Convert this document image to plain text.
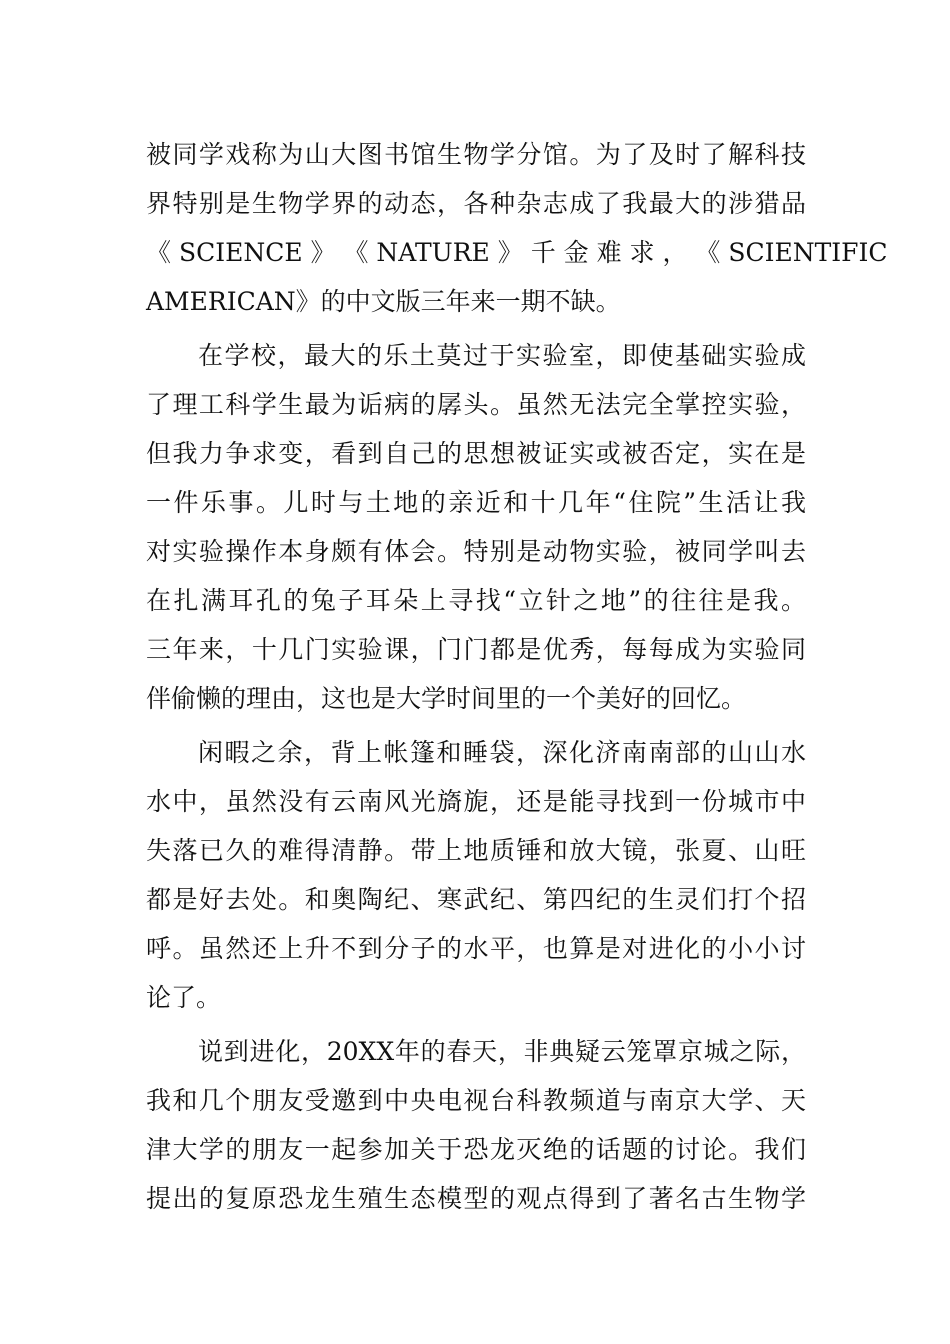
被同学戏称为山大图书馆生物学分馆。为了及时了解科技
界特别是生物学界的动态，各种杂志成了我最大的涉猎品
《 SCIENCE 》 《 NATURE 》 千 金 难 求 ， 《 SCIENTIFIC
AMERICAN》的中文版三年来一期不缺。
在学校，最大的乐土莫过于实验室，即使基础实验成
了理工科学生最为诟病的孱头。虽然无法完全掌控实验，
但我力争求变，看到自己的思想被证实或被否定，实在是
一件乐事。儿时与土地的亲近和十几年“住院”生活让我
对实验操作本身颇有体会。特别是动物实验，被同学叫去
在扎满耳孔的兔子耳朵上寻找“立针之地”的往往是我。
三年来，十几门实验课，门门都是优秀，每每成为实验同
伴偷懒的理由，这也是大学时间里的一个美好的回忆。
闲暇之余，背上帐篷和睡袋，深化济南南部的山山水
水中，虽然没有云南风光旖旎，还是能寻找到一份城市中
失落已久的难得清静。带上地质锤和放大镜，张夏、山旺
都是好去处。和奥陶纪、寒武纪、第四纪的生灵们打个招
呼。虽然还上升不到分子的水平，也算是对进化的小小讨
论了。
说到进化，20XX年的春天，非典疑云笼罩京城之际，
我和几个朋友受邀到中央电视台科教频道与南京大学、天
津大学的朋友一起参加关于恐龙灭绝的话题的讨论。我们
提出的复原恐龙生殖生态模型的观点得到了著名古生物学
